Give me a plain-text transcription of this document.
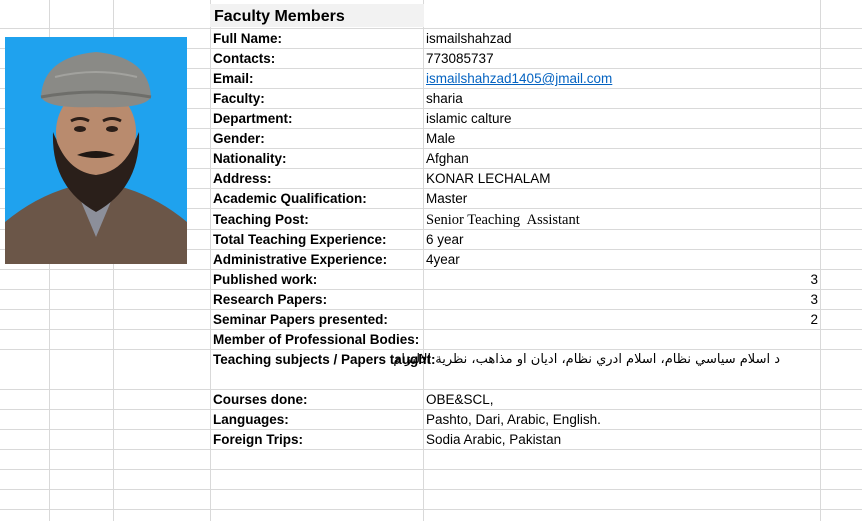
Faculty Members
Full Name:	ismailshahzad
Contacts:	773085737
Email:	ismailshahzad1405@jmail.com
Faculty:	sharia
Department:	islamic calture
Gender:	Male
Nationality:	Afghan
Address:	KONAR LECHALAM
Academic Qualification:	Master
Teaching Post:	Senior Teaching  Assistant
Total Teaching Experience:	6 year
Administrative Experience:	4year
Published work:	3
Research Papers:	3
Seminar Papers presented:	2
Member of Professional Bodies:
Teaching subjects / Papers taught:
د اسلام سیاسي نظام، اسلام ادري نظام، اديان او مذاهب، نظرية الالتزام
Courses done:	OBE&SCL,
Languages:	Pashto, Dari, Arabic, English.
Foreign Trips:	Sodia Arabic, Pakistan
